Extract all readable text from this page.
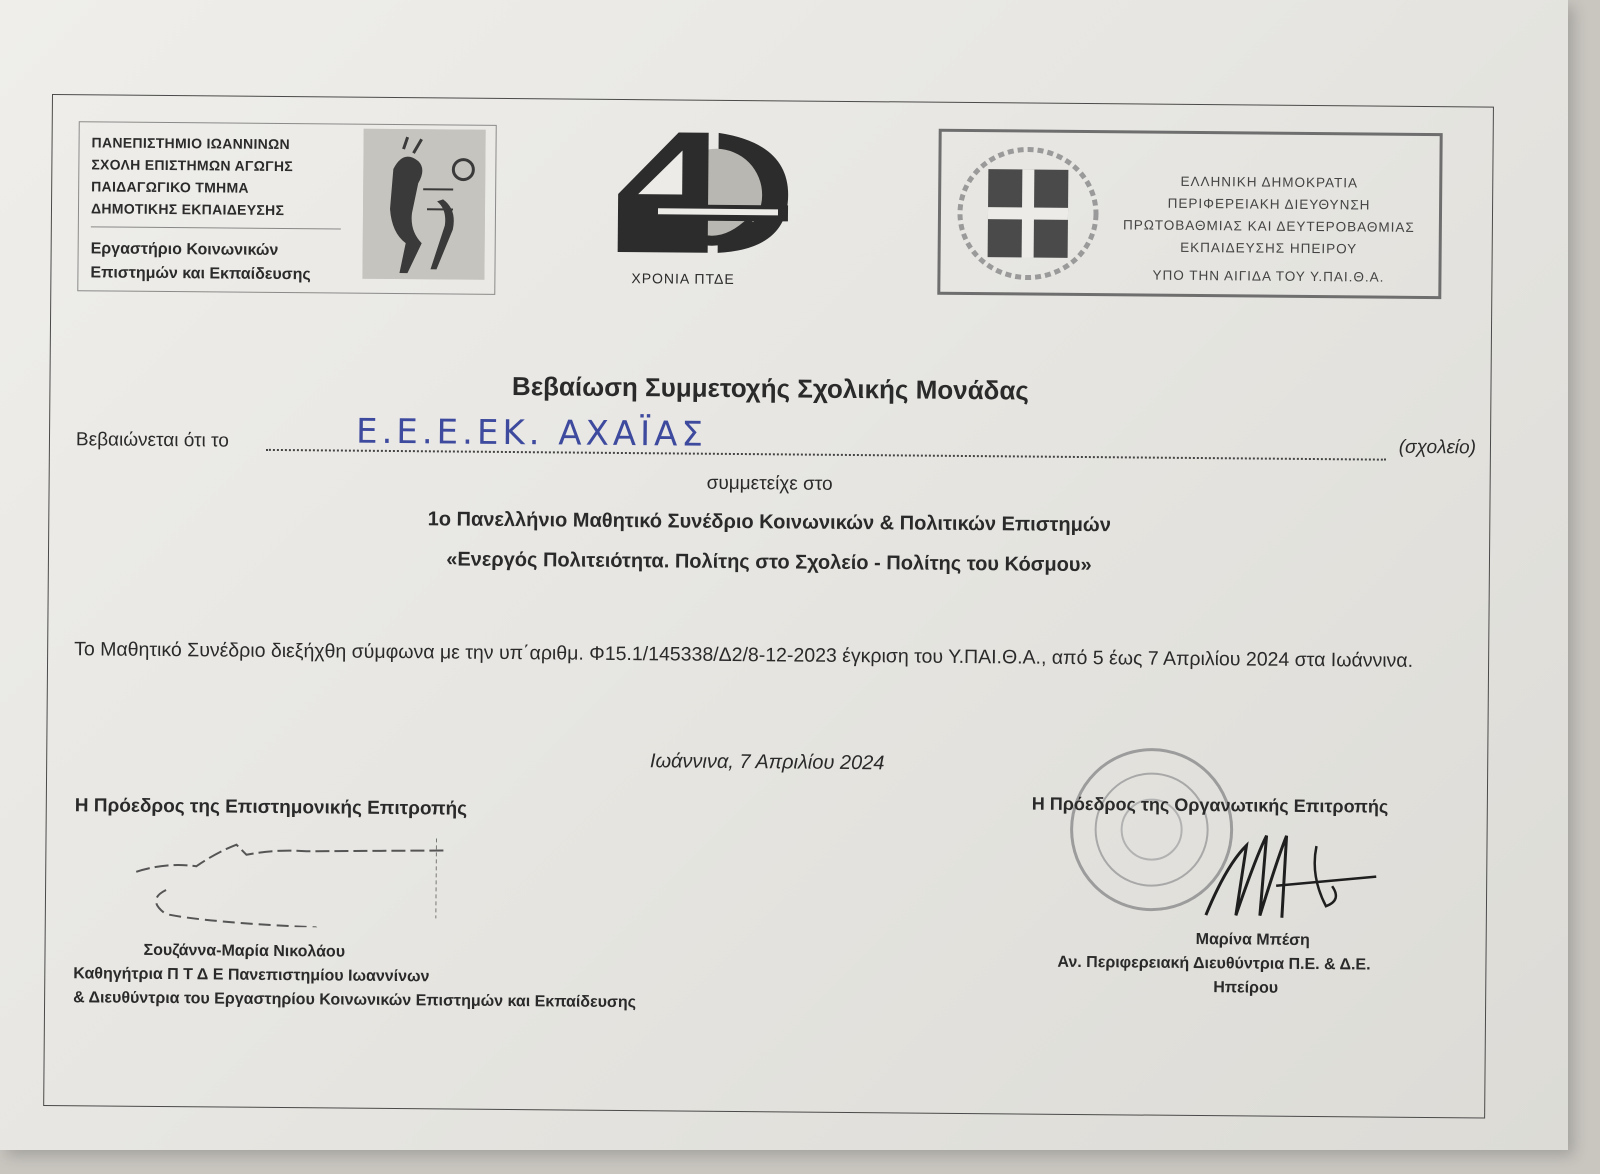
ΠΑΝΕΠΙΣΤΗΜΙΟ ΙΩΑΝΝΙΝΩΝ
ΣΧΟΛΗ ΕΠΙΣΤΗΜΩΝ ΑΓΩΓΗΣ
ΠΑΙΔΑΓΩΓΙΚΟ ΤΜΗΜΑ
ΔΗΜΟΤΙΚΗΣ ΕΚΠΑΙΔΕΥΣΗΣ
Εργαστήριο Κοινωνικών
Επιστημών και Εκπαίδευσης	ΧΡΟΝΙΑ ΠΤΔΕ
ΕΛΛΗΝΙΚΗ ΔΗΜΟΚΡΑΤΙΑ
ΠΕΡΙΦΕΡΕΙΑΚΗ ΔΙΕΥΘΥΝΣΗ
ΠΡΩΤΟΒΑΘΜΙΑΣ ΚΑΙ ΔΕΥΤΕΡΟΒΑΘΜΙΑΣ
ΕΚΠΑΙΔΕΥΣΗΣ ΗΠΕΙΡΟΥ
ΥΠΟ ΤΗΝ ΑΙΓΙΔΑ ΤΟΥ Υ.ΠΑΙ.Θ.Α.
Βεβαίωση Συμμετοχής Σχολικής Μονάδας
Βεβαιώνεται ότι το	Ε.Ε.Ε.ΕΚ. ΑΧΑΪΑΣ	(σχολείο)
συμμετείχε στο
1ο Πανελλήνιο Μαθητικό Συνέδριο Κοινωνικών & Πολιτικών Επιστημών
«Ενεργός Πολιτειότητα. Πολίτης στο Σχολείο - Πολίτης του Κόσμου»
Το Μαθητικό Συνέδριο διεξήχθη σύμφωνα με την υπ΄αριθμ. Φ15.1/145338/Δ2/8-12-2023 έγκριση του Υ.ΠΑΙ.Θ.Α., από 5 έως 7 Απριλίου 2024 στα Ιωάννινα.
Ιωάννινα, 7 Απριλίου 2024
Η Πρόεδρος της Επιστημονικής Επιτροπής
Σουζάννα-Μαρία Νικολάου
Καθηγήτρια Π Τ Δ Ε Πανεπιστημίου Ιωαννίνων
& Διευθύντρια του Εργαστηρίου Κοινωνικών Επιστημών και Εκπαίδευσης
Η Πρόεδρος της Οργανωτικής Επιτροπής
Μαρίνα Μπέση
Αν. Περιφερειακή Διευθύντρια Π.Ε. & Δ.Ε.
Ηπείρου
